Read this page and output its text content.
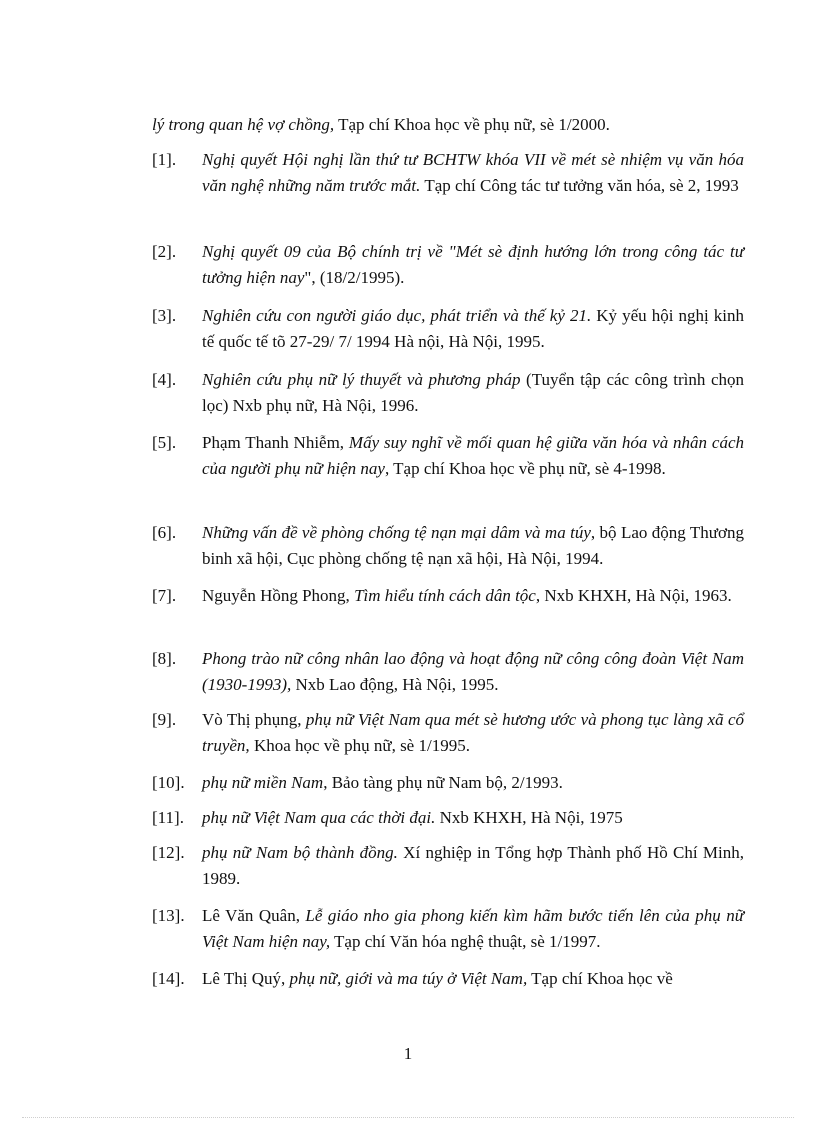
lý trong quan hệ vợ chồng, Tạp chí Khoa học về phụ nữ, sè 1/2000.
[1].	Nghị quyết Hội nghị lần thứ tư BCHTW khóa VII về mét sè nhiệm vụ văn hóa văn nghệ những năm trước mắt. Tạp chí Công tác tư tưởng văn hóa, sè 2, 1993
[2].	Nghị quyết 09 của Bộ chính trị về "Mét sè định hướng lớn trong công tác tư tưởng hiện nay", (18/2/1995).
[3].	Nghiên cứu con người giáo dục, phát triển và thế kỷ 21. Kỷ yếu hội nghị kinh tế quốc tế tõ 27-29/ 7/ 1994 Hà nội, Hà Nội, 1995.
[4].	Nghiên cứu phụ nữ lý thuyết và phương pháp (Tuyển tập các công trình chọn lọc) Nxb phụ nữ, Hà Nội, 1996.
[5].	Phạm Thanh Nhiễm, Mấy suy nghĩ về mối quan hệ giữa văn hóa và nhân cách của người phụ nữ hiện nay, Tạp chí Khoa học về phụ nữ, sè 4-1998.
[6].	Những vấn đề về phòng chống tệ nạn mại dâm và ma túy, bộ Lao động Thương binh xã hội, Cục phòng chống tệ nạn xã hội, Hà Nội, 1994.
[7].	Nguyễn Hồng Phong, Tìm hiểu tính cách dân tộc, Nxb KHXH, Hà Nội, 1963.
[8].	Phong trào nữ công nhân lao động và hoạt động nữ công công đoàn Việt Nam (1930-1993), Nxb Lao động, Hà Nội, 1995.
[9].	Vò Thị phụng, phụ nữ Việt Nam qua mét sè hương ước và phong tục làng xã cổ truyền, Khoa học về phụ nữ, sè 1/1995.
[10].	phụ nữ miền Nam, Bảo tàng phụ nữ Nam bộ, 2/1993.
[11].	phụ nữ Việt Nam qua các thời đại. Nxb KHXH, Hà Nội, 1975
[12].	phụ nữ Nam bộ thành đồng. Xí nghiệp in Tổng hợp Thành phố Hồ Chí Minh, 1989.
[13].	Lê Văn Quân, Lễ giáo nho gia phong kiến kìm hãm bước tiến lên của phụ nữ Việt Nam hiện nay, Tạp chí Văn hóa nghệ thuật, sè 1/1997.
[14].	Lê Thị Quý, phụ nữ, giới và ma túy ở Việt Nam, Tạp chí Khoa học về
1
